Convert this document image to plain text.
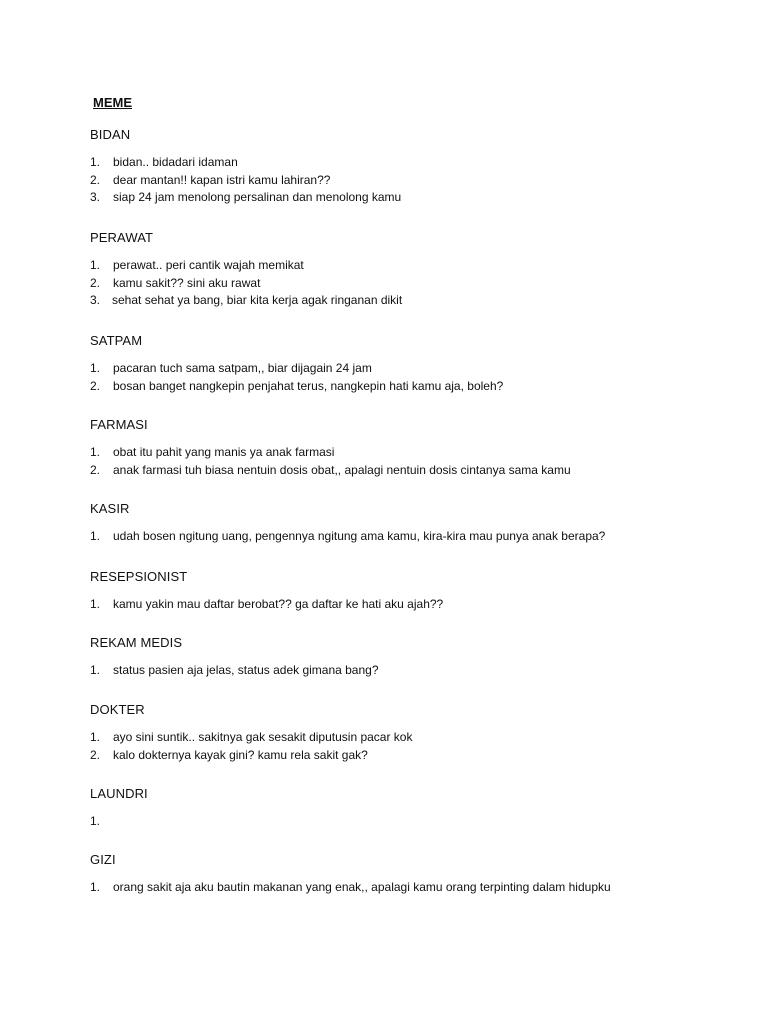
MEME
BIDAN
1. bidan.. bidadari idaman
2. dear mantan!! kapan istri kamu lahiran??
3. siap 24 jam menolong persalinan dan menolong kamu
PERAWAT
1. perawat.. peri cantik wajah memikat
2. kamu sakit?? sini aku rawat
3. sehat sehat ya bang, biar kita kerja agak ringanan dikit
SATPAM
1. pacaran tuch sama satpam,, biar dijagain 24 jam
2. bosan banget nangkepin penjahat terus, nangkepin hati kamu aja, boleh?
FARMASI
1. obat itu pahit yang manis ya anak farmasi
2. anak farmasi tuh biasa nentuin dosis obat,, apalagi nentuin dosis cintanya sama kamu
KASIR
1. udah bosen ngitung uang, pengennya ngitung ama kamu, kira-kira mau punya anak berapa?
RESEPSIONIST
1. kamu yakin mau daftar berobat?? ga daftar ke hati aku ajah??
REKAM MEDIS
1. status pasien aja jelas, status adek gimana bang?
DOKTER
1. ayo sini suntik.. sakitnya gak sesakit diputusin pacar kok
2. kalo dokternya kayak gini? kamu rela sakit gak?
LAUNDRI
1.
GIZI
1. orang sakit aja aku bautin makanan yang enak,, apalagi kamu orang terpinting dalam hidupku
